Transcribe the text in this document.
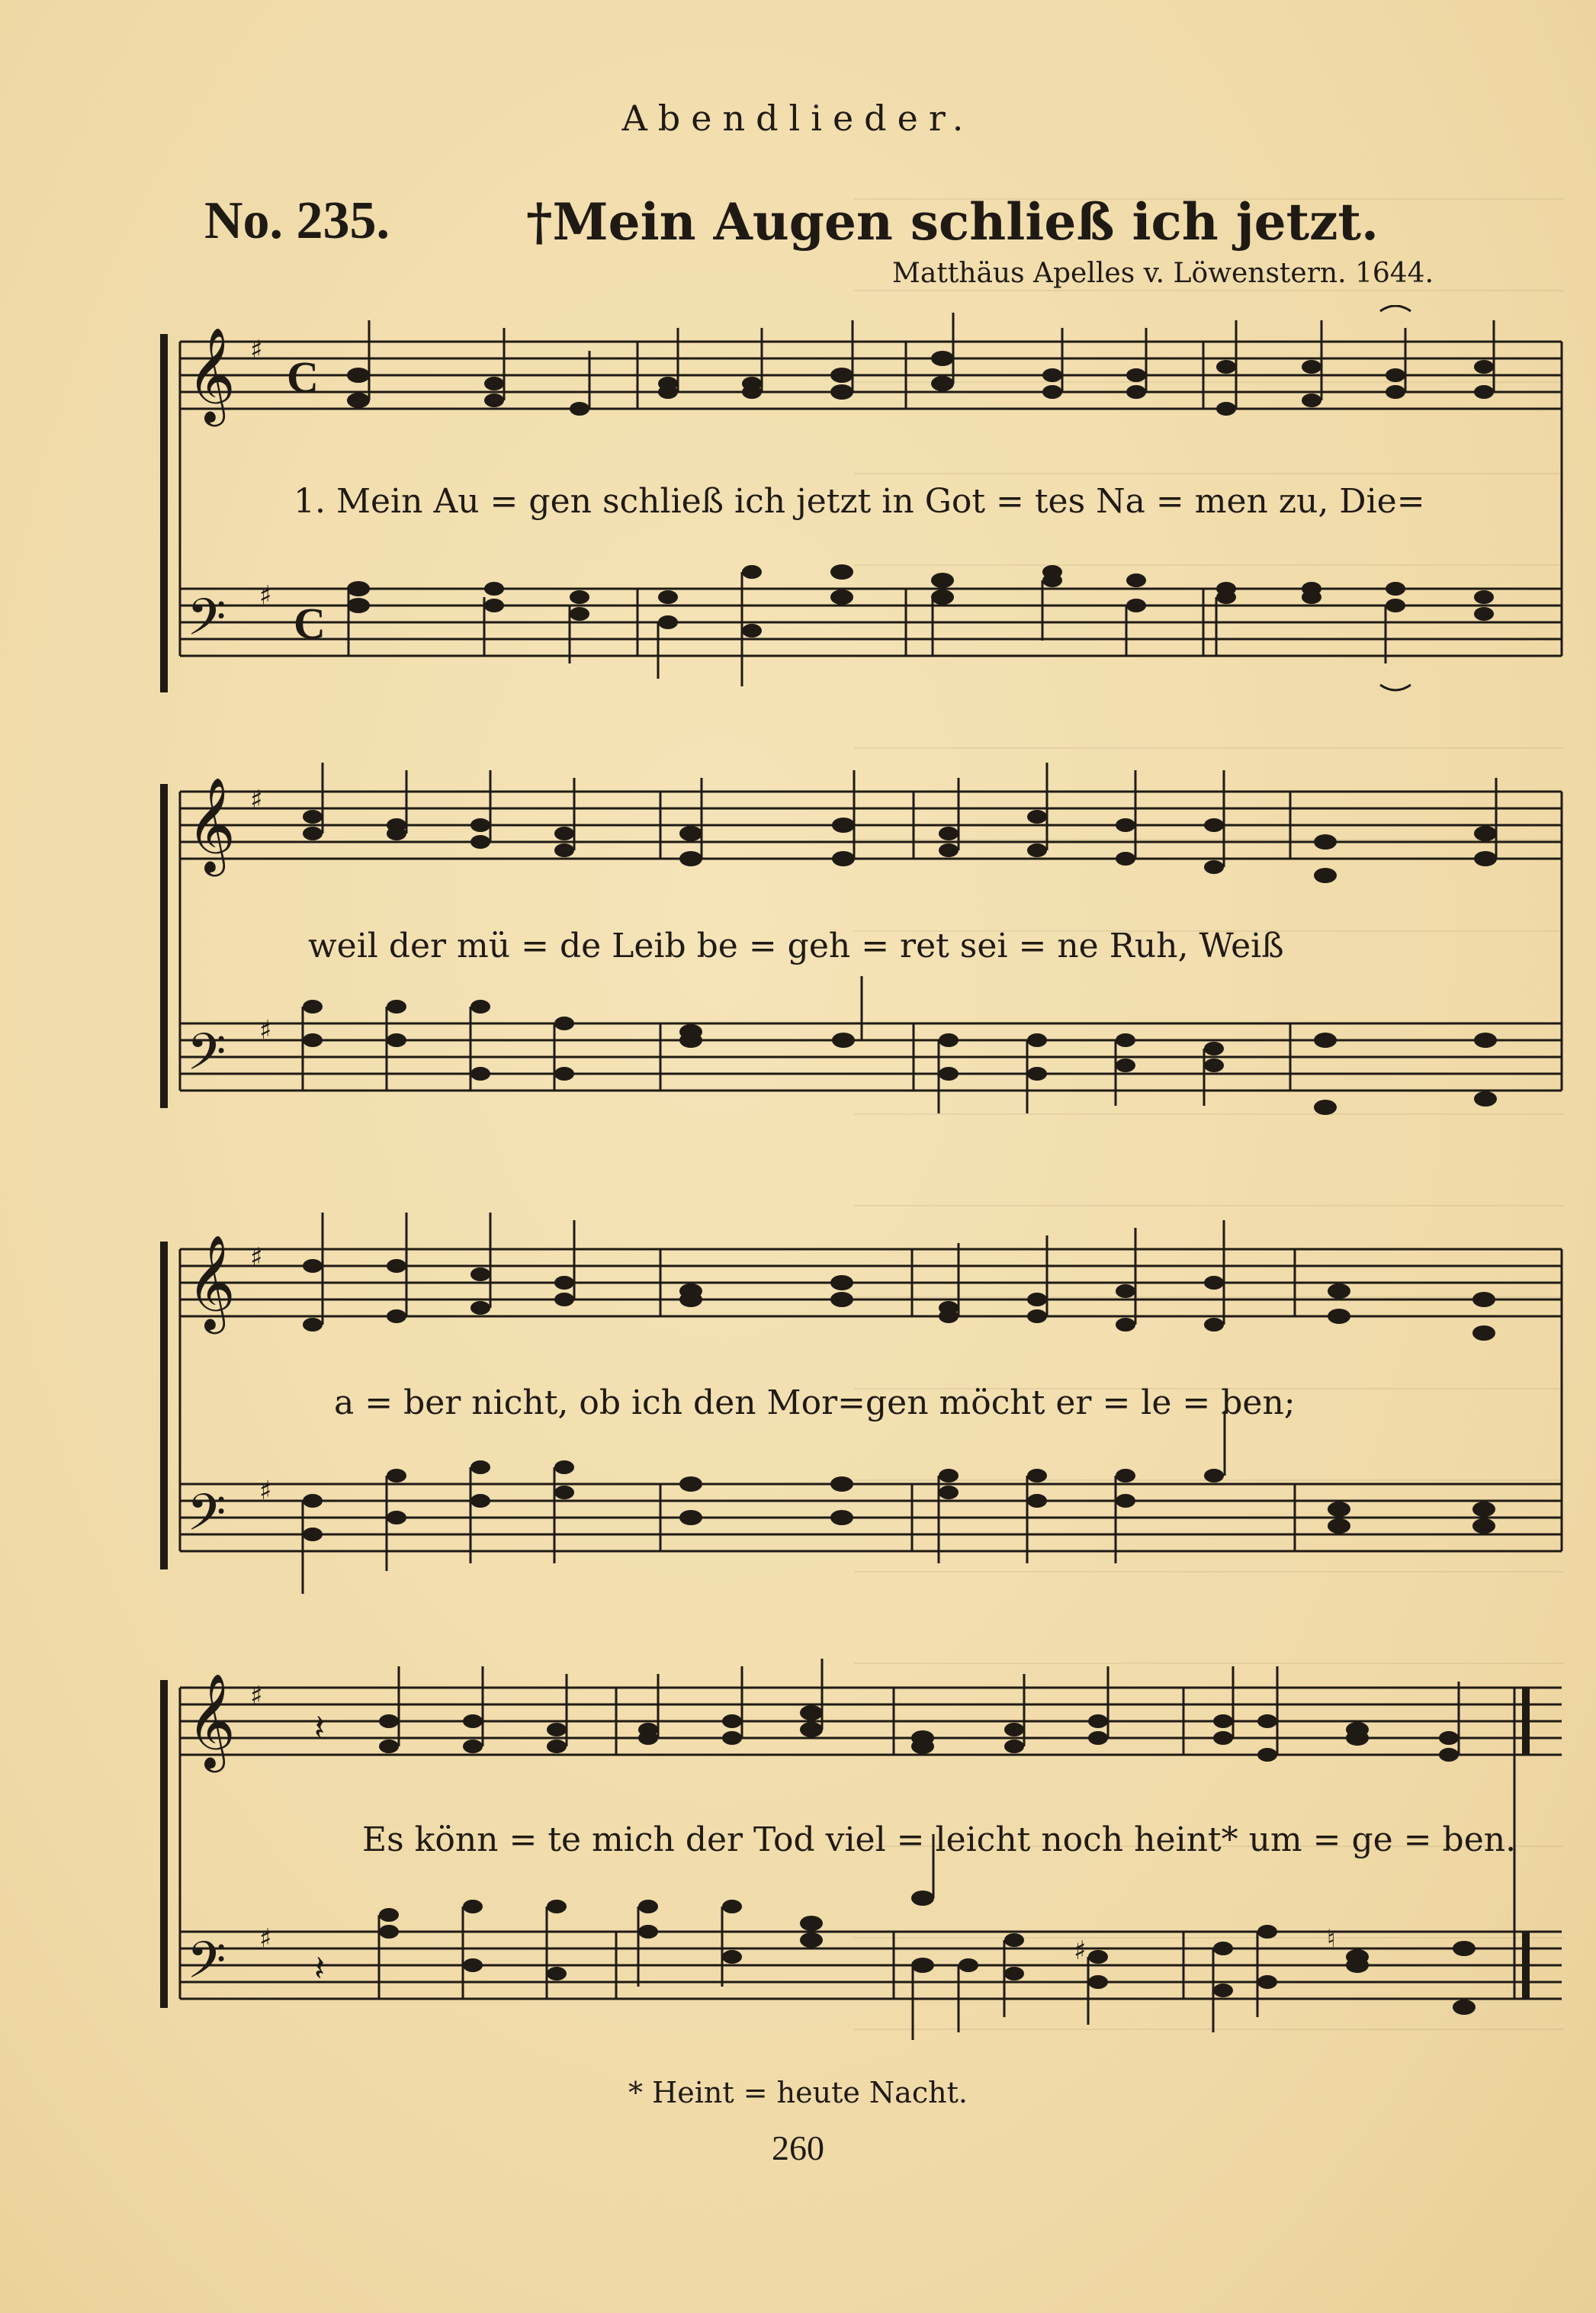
Abendlieder.
No. 235.	†Mein Augen schließ ich jetzt.
Matthäus Apelles v. Löwenstern. 1644.
𝄞
𝄢
♯
♯
C
C
1. Mein Au = gen schließ ich jetzt in Got = tes Na = men zu, Die=
𝄞
𝄢
♯
♯
weil der mü = de Leib be = geh = ret sei = ne Ruh, Weiß
𝄞
𝄢
♯
♯
a = ber nicht, ob ich den Mor=gen möcht er = le = ben;
𝄞
𝄢
♯
♯
𝄽
𝄽	♯	♮
Es könn = te mich der Tod viel = leicht noch heint* um = ge = ben.
* Heint = heute Nacht.
260
